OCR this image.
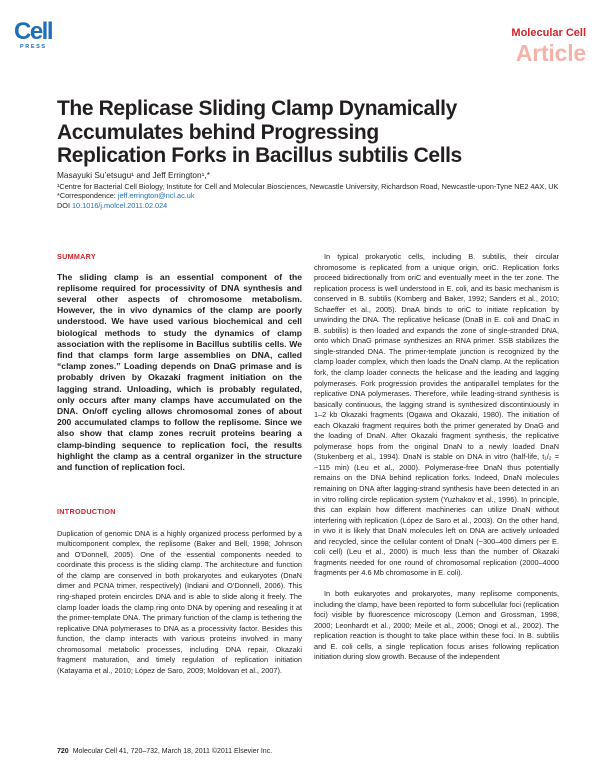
Cell
PRESS
Molecular Cell
Article
The Replicase Sliding Clamp Dynamically
Accumulates behind Progressing
Replication Forks in Bacillus subtilis Cells
Masayuki Su’etsugu¹ and Jeff Errington¹,*
¹Centre for Bacterial Cell Biology, Institute for Cell and Molecular Biosciences, Newcastle University, Richardson Road, Newcastle-upon-Tyne NE2 4AX, UK
*Correspondence: jeff.errington@ncl.ac.uk
DOI 10.1016/j.molcel.2011.02.024
SUMMARY

The sliding clamp is an essential component of the replisome required for processivity of DNA synthesis and several other aspects of chromosome metabolism. However, the in vivo dynamics of the clamp are poorly understood. We have used various biochemical and cell biological methods to study the dynamics of clamp association with the replisome in Bacillus subtilis cells. We find that clamps form large assemblies on DNA, called “clamp zones.” Loading depends on DnaG primase and is probably driven by Okazaki fragment initiation on the lagging strand. Unloading, which is probably regulated, only occurs after many clamps have accumulated on the DNA. On/off cycling allows chromosomal zones of about 200 accumulated clamps to follow the replisome. Since we also show that clamp zones recruit proteins bearing a clamp-binding sequence to replication foci, the results highlight the clamp as a central organizer in the structure and function of replication foci.

INTRODUCTION

Duplication of genomic DNA is a highly organized process performed by a multicomponent complex, the replisome (Baker and Bell, 1998; Johnson and O’Donnell, 2005). One of the essential components needed to coordinate this process is the sliding clamp. The architecture and function of the clamp are conserved in both prokaryotes and eukaryotes (DnaN dimer and PCNA trimer, respectively) (Indiani and O’Donnell, 2006). This ring-shaped protein encircles DNA and is able to slide along it freely. The clamp loader loads the clamp ring onto DNA by opening and resealing it at the primer-template DNA. The primary function of the clamp is tethering the replicative DNA polymerases to DNA as a processivity factor. Besides this function, the clamp interacts with various proteins involved in many chromosomal metabolic processes, including DNA repair, Okazaki fragment maturation, and timely regulation of replication initiation (Katayama et al., 2010; López de Saro, 2009; Moldovan et al., 2007).

In typical prokaryotic cells, including B. subtilis, their circular chromosome is replicated from a unique origin, oriC. Replication forks proceed bidirectionally from oriC and eventually meet in the ter zone. The replication process is well understood in E. coli, and its basic mechanism is conserved in B. subtilis (Kornberg and Baker, 1992; Sanders et al., 2010; Schaeffer et al., 2005). DnaA binds to oriC to initiate replication by unwinding the DNA. The replicative helicase (DnaB in E. coli and DnaC in B. subtilis) is then loaded and expands the zone of single-stranded DNA, onto which DnaG primase synthesizes an RNA primer. SSB stabilizes the single-stranded DNA. The primer-template junction is recognized by the clamp loader complex, which then loads the DnaN clamp. At the replication fork, the clamp loader connects the helicase and the leading and lagging polymerases. Fork progression provides the antiparallel templates for the replicative DNA polymerases. Therefore, while leading-strand synthesis is basically continuous, the lagging strand is synthesized discontinuously in 1–2 kb Okazaki fragments (Ogawa and Okazaki, 1980). The initiation of each Okazaki fragment requires both the primer generated by DnaG and the loading of DnaN. After Okazaki fragment synthesis, the replicative polymerase hops from the original DnaN to a newly loaded DnaN (Stukenberg et al., 1994). DnaN is stable on DNA in vitro (half-life, t₁/₂ = ~115 min) (Leu et al., 2000). Polymerase-free DnaN thus potentially remains on the DNA behind replication forks. Indeed, DnaN molecules remaining on DNA after lagging-strand synthesis have been detected in an in vitro rolling circle replication system (Yuzhakov et al., 1996). In principle, this can explain how different machineries can utilize DnaN without interfering with replication (López de Saro et al., 2003). On the other hand, in vivo it is likely that DnaN molecules left on DNA are actively unloaded and recycled, since the cellular content of DnaN (~300–400 dimers per E. coli cell) (Leu et al., 2000) is much less than the number of Okazaki fragments needed for one round of chromosomal replication (2000–4000 fragments per 4.6 Mb chromosome in E. coli).

In both eukaryotes and prokaryotes, many replisome components, including the clamp, have been reported to form subcellular foci (replication foci) visible by fluorescence microscopy (Lemon and Grossman, 1998, 2000; Leonhardt et al., 2000; Meile et al., 2006; Onogi et al., 2002). The replication reaction is thought to take place within these foci. In B. subtilis and E. coli cells, a single replication focus arises following replication initiation during slow growth. Because of the independent

720 Molecular Cell 41, 720–732, March 18, 2011 ©2011 Elsevier Inc.
